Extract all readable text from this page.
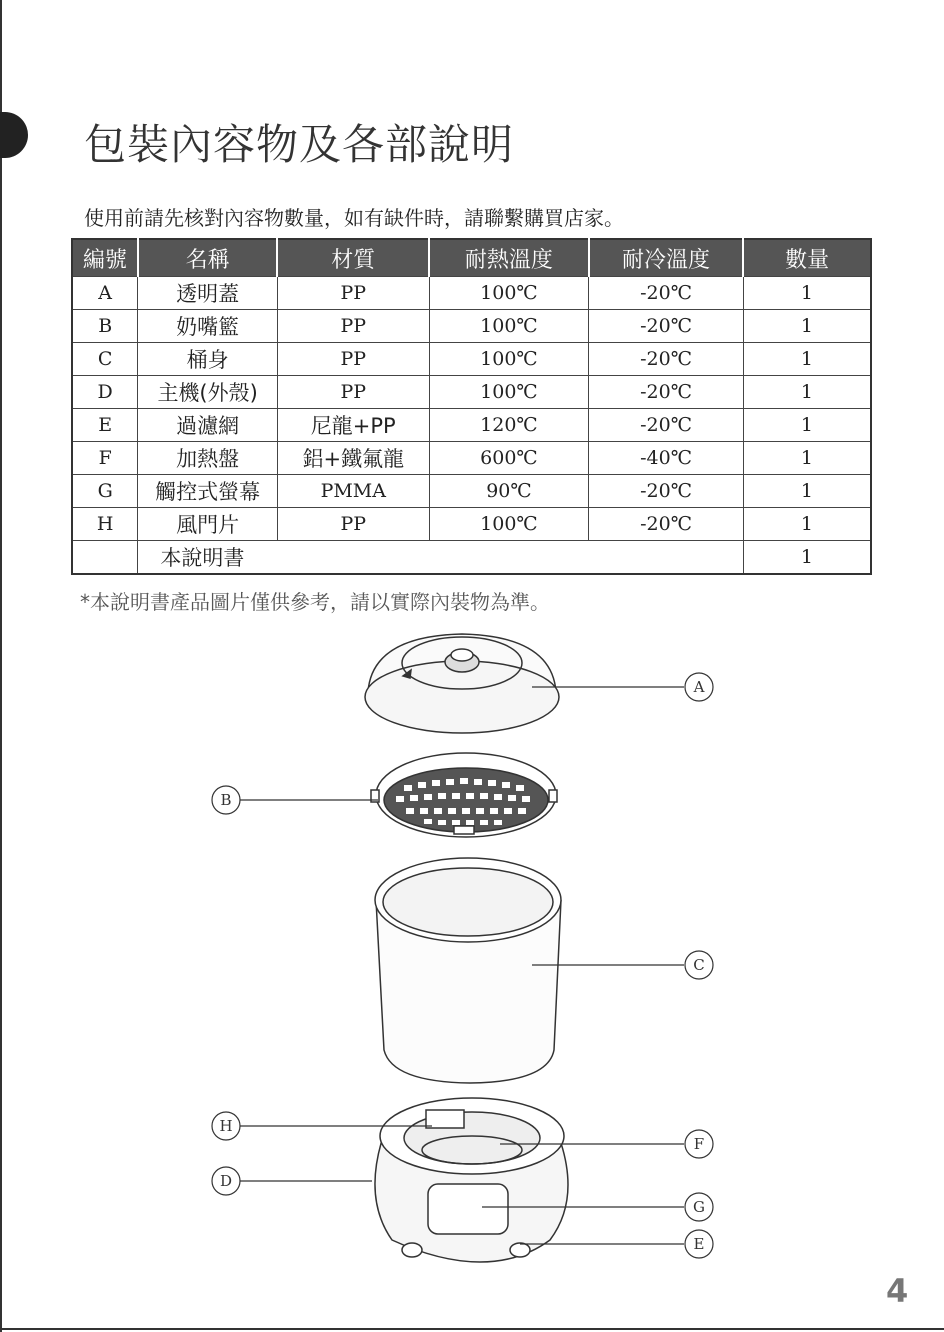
包裝內容物及各部說明

使用前請先核對內容物數量，如有缺件時，請聯繫購買店家。

編號	名稱	材質	耐熱溫度	耐冷溫度	數量
A	透明蓋	PP	100℃	-20℃	1
B	奶嘴籃	PP	100℃	-20℃	1
C	桶身	PP	100℃	-20℃	1
D	主機(外殼)	PP	100℃	-20℃	1
E	過濾網	尼龍+PP	120℃	-20℃	1
F	加熱盤	鋁+鐵氟龍	600℃	-40℃	1
G	觸控式螢幕	PMMA	90℃	-20℃	1
H	風門片	PP	100℃	-20℃	1
	本說明書				1

*本說明書產品圖片僅供參考，請以實際內裝物為準。

A
B
C
H
F
D
G
E
4
